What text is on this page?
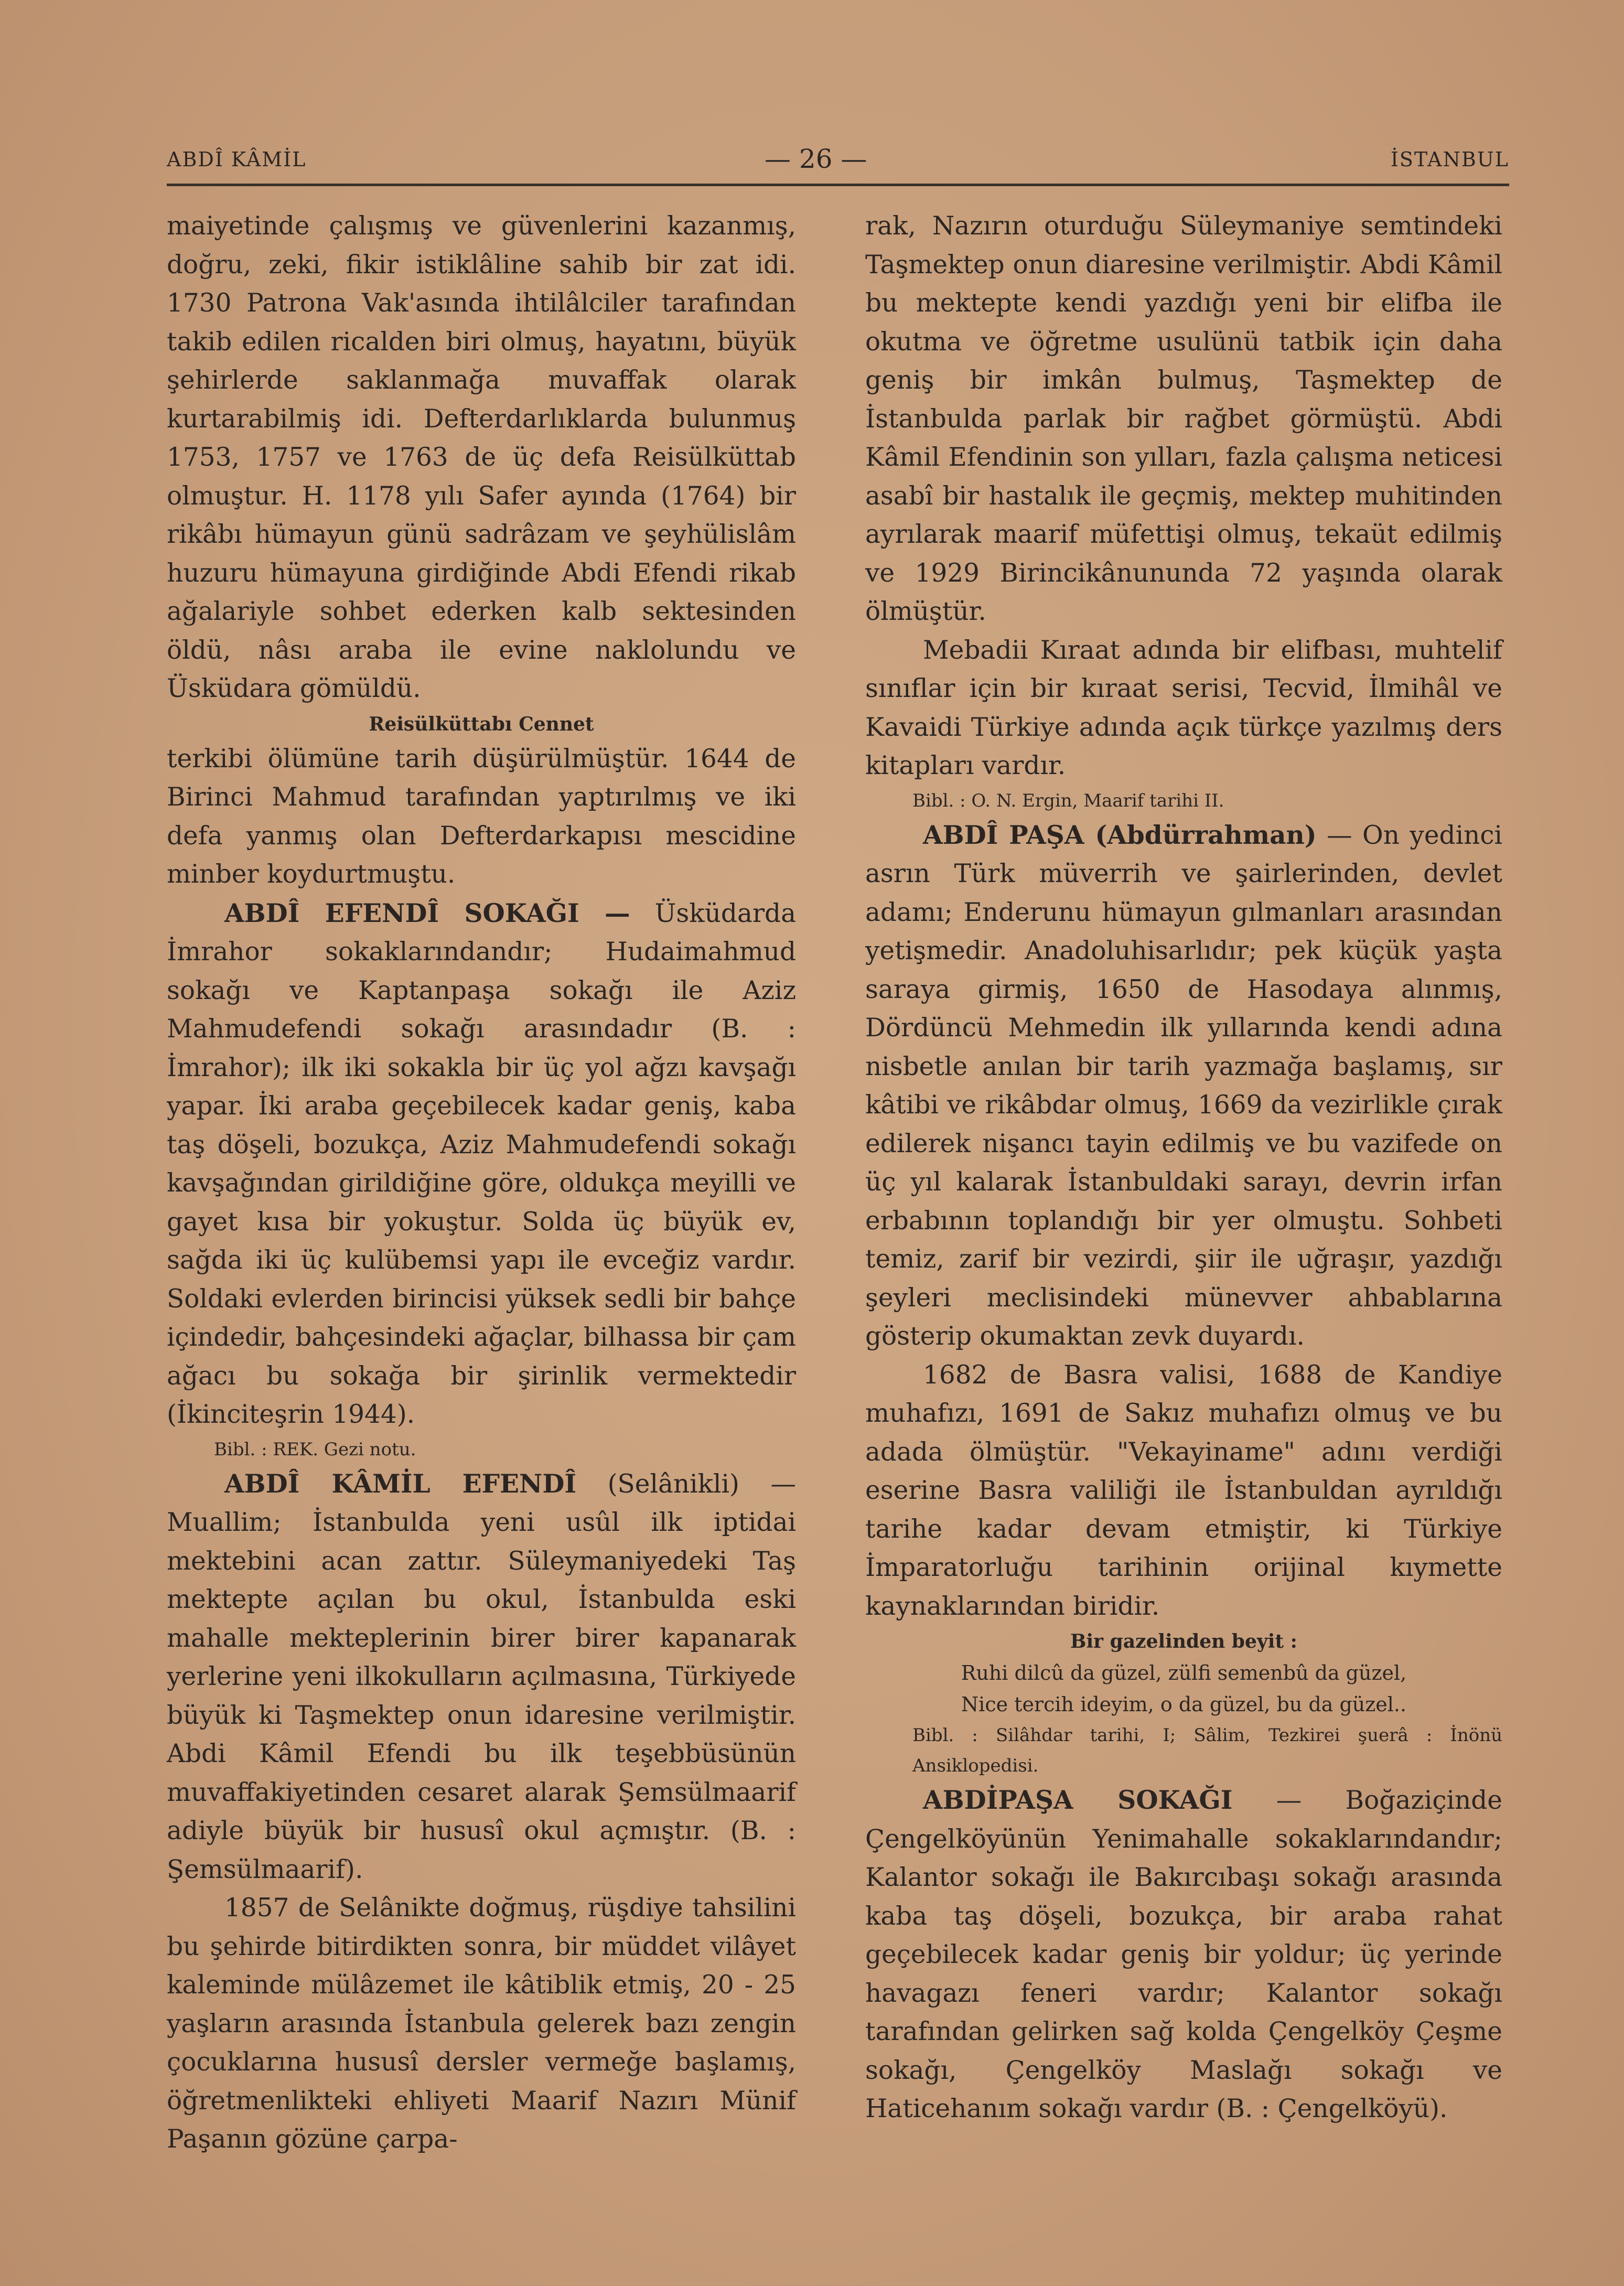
ABDÎ KÂMİL	— 26 —	İSTANBUL

maiyetinde çalışmış ve güvenlerini kazanmış, doğru, zeki, fikir istiklâline sahib bir zat idi. 1730 Patrona Vak'asında ihtilâlciler tarafından takib edilen ricalden biri olmuş, hayatını, büyük şehirlerde saklanmağa muvaffak olarak kurtarabilmiş idi. Defterdarlıklarda bulunmuş 1753, 1757 ve 1763 de üç defa Reisülküttab olmuştur. H. 1178 yılı Safer ayında (1764) bir rikâbı hümayun günü sadrâzam ve şeyhülislâm huzuru hümayuna girdiğinde Abdi Efendi rikab ağalariyle sohbet ederken kalb sektesinden öldü, nâsı araba ile evine naklolundu ve Üsküdara gömüldü.

Reisülküttabı Cennet

terkibi ölümüne tarih düşürülmüştür. 1644 de Birinci Mahmud tarafından yaptırılmış ve iki defa yanmış olan Defterdarkapısı mescidine minber koydurtmuştu.

ABDÎ EFENDÎ SOKAĞI — Üsküdarda İmrahor sokaklarındandır; Hudaimahmud sokağı ve Kaptanpaşa sokağı ile Aziz Mahmudefendi sokağı arasındadır (B. : İmrahor); ilk iki sokakla bir üç yol ağzı kavşağı yapar. İki araba geçebilecek kadar geniş, kaba taş döşeli, bozukça, Aziz Mahmudefendi sokağı kavşağından girildiğine göre, oldukça meyilli ve gayet kısa bir yokuştur. Solda üç büyük ev, sağda iki üç kulübemsi yapı ile evceğiz vardır. Soldaki evlerden birincisi yüksek sedli bir bahçe içindedir, bahçesindeki ağaçlar, bilhassa bir çam ağacı bu sokağa bir şirinlik vermektedir (İkinciteşrin 1944).

Bibl. : REK. Gezi notu.

ABDÎ KÂMİL EFENDÎ (Selânikli) — Muallim; İstanbulda yeni usûl ilk iptidai mektebini acan zattır. Süleymaniyedeki Taş mektepte açılan bu okul, İstanbulda eski mahalle mekteplerinin birer birer kapanarak yerlerine yeni ilkokulların açılmasına, Türkiyede büyük ki Taşmektep onun idaresine verilmiştir. Abdi Kâmil Efendi bu ilk teşebbüsünün muvaffakiyetinden cesaret alarak Şemsülmaarif adiyle büyük bir hususî okul açmıştır. (B. : Şemsülmaarif).

1857 de Selânikte doğmuş, rüşdiye tahsilini bu şehirde bitirdikten sonra, bir müddet vilâyet kaleminde mülâzemet ile kâtiblik etmiş, 20 - 25 yaşların arasında İstanbula gelerek bazı zengin çocuklarına hususî dersler vermeğe başlamış, öğretmenlikteki ehliyeti Maarif Nazırı Münif Paşanın gözüne çarpa-

rak, Nazırın oturduğu Süleymaniye semtindeki Taşmektep onun diaresine verilmiştir. Abdi Kâmil bu mektepte kendi yazdığı yeni bir elifba ile okutma ve öğretme usulünü tatbik için daha geniş bir imkân bulmuş, Taşmektep de İstanbulda parlak bir rağbet görmüştü. Abdi Kâmil Efendinin son yılları, fazla çalışma neticesi asabî bir hastalık ile geçmiş, mektep muhitinden ayrılarak maarif müfettişi olmuş, tekaüt edilmiş ve 1929 Birincikânununda 72 yaşında olarak ölmüştür.

Mebadii Kıraat adında bir elifbası, muhtelif sınıflar için bir kıraat serisi, Tecvid, İlmihâl ve Kavaidi Türkiye adında açık türkçe yazılmış ders kitapları vardır.

Bibl. : O. N. Ergin, Maarif tarihi II.

ABDÎ PAŞA (Abdürrahman) — On yedinci asrın Türk müverrih ve şairlerinden, devlet adamı; Enderunu hümayun gılmanları arasından yetişmedir. Anadoluhisarlıdır; pek küçük yaşta saraya girmiş, 1650 de Hasodaya alınmış, Dördüncü Mehmedin ilk yıllarında kendi adına nisbetle anılan bir tarih yazmağa başlamış, sır kâtibi ve rikâbdar olmuş, 1669 da vezirlikle çırak edilerek nişancı tayin edilmiş ve bu vazifede on üç yıl kalarak İstanbuldaki sarayı, devrin irfan erbabının toplandığı bir yer olmuştu. Sohbeti temiz, zarif bir vezirdi, şiir ile uğraşır, yazdığı şeyleri meclisindeki münevver ahbablarına gösterip okumaktan zevk duyardı.

1682 de Basra valisi, 1688 de Kandiye muhafızı, 1691 de Sakız muhafızı olmuş ve bu adada ölmüştür. "Vekayiname" adını verdiği eserine Basra valiliği ile İstanbuldan ayrıldığı tarihe kadar devam etmiştir, ki Türkiye İmparatorluğu tarihinin orijinal kıymette kaynaklarından biridir.

Bir gazelinden beyit :

Ruhi dilcû da güzel, zülfi semenbû da güzel,

Nice tercih ideyim, o da güzel, bu da güzel..

Bibl. : Silâhdar tarihi, I; Sâlim, Tezkirei şuerâ : İnönü Ansiklopedisi.

ABDİPAŞA SOKAĞI — Boğaziçinde Çengelköyünün Yenimahalle sokaklarındandır; Kalantor sokağı ile Bakırcıbaşı sokağı arasında kaba taş döşeli, bozukça, bir araba rahat geçebilecek kadar geniş bir yoldur; üç yerinde havagazı feneri vardır; Kalantor sokağı tarafından gelirken sağ kolda Çengelköy Çeşme sokağı, Çengelköy Maslağı sokağı ve Haticehanım sokağı vardır (B. : Çengelköyü).
